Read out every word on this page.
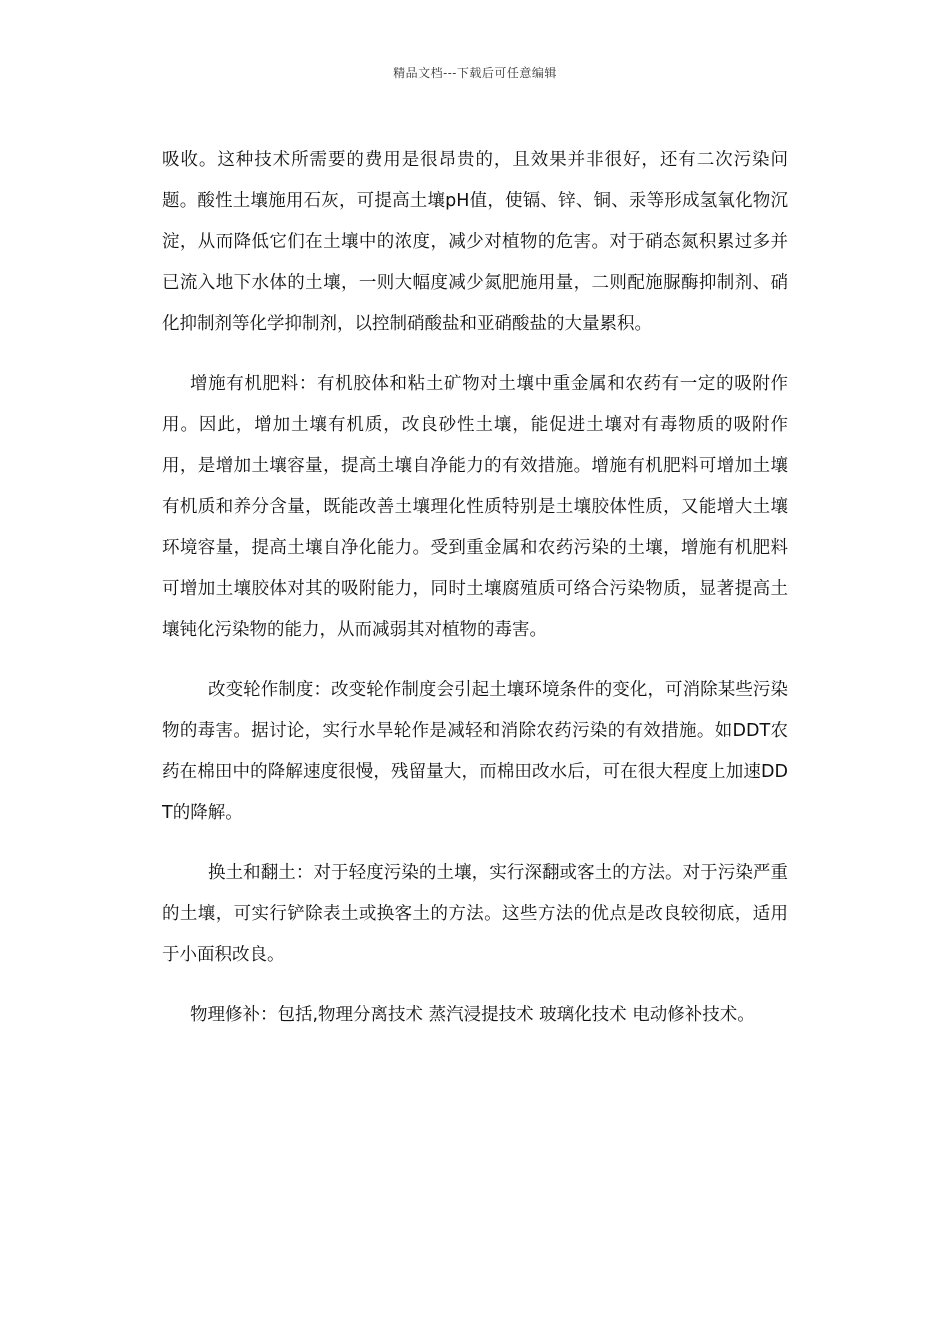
精品文档---下载后可任意编辑

吸收。这种技术所需要的费用是很昂贵的，且效果并非很好，还有二次污染问题。酸性土壤施用石灰，可提高土壤pH值，使镉、锌、铜、汞等形成氢氧化物沉淀，从而降低它们在土壤中的浓度，减少对植物的危害。对于硝态氮积累过多并已流入地下水体的土壤，一则大幅度减少氮肥施用量，二则配施脲酶抑制剂、硝化抑制剂等化学抑制剂，以控制硝酸盐和亚硝酸盐的大量累积。

增施有机肥料：有机胶体和粘土矿物对土壤中重金属和农药有一定的吸附作用。因此，增加土壤有机质，改良砂性土壤，能促进土壤对有毒物质的吸附作用，是增加土壤容量，提高土壤自净能力的有效措施。增施有机肥料可增加土壤有机质和养分含量，既能改善土壤理化性质特别是土壤胶体性质，又能增大土壤环境容量，提高土壤自净化能力。受到重金属和农药污染的土壤，增施有机肥料可增加土壤胶体对其的吸附能力，同时土壤腐殖质可络合污染物质，显著提高土壤钝化污染物的能力，从而减弱其对植物的毒害。

改变轮作制度：改变轮作制度会引起土壤环境条件的变化，可消除某些污染物的毒害。据讨论，实行水旱轮作是减轻和消除农药污染的有效措施。如DDT农药在棉田中的降解速度很慢，残留量大，而棉田改水后，可在很大程度上加速DDT的降解。

换土和翻土：对于轻度污染的土壤，实行深翻或客土的方法。对于污染严重的土壤，可实行铲除表土或换客土的方法。这些方法的优点是改良较彻底，适用于小面积改良。

物理修补：包括,物理分离技术 蒸汽浸提技术 玻璃化技术 电动修补技术。
